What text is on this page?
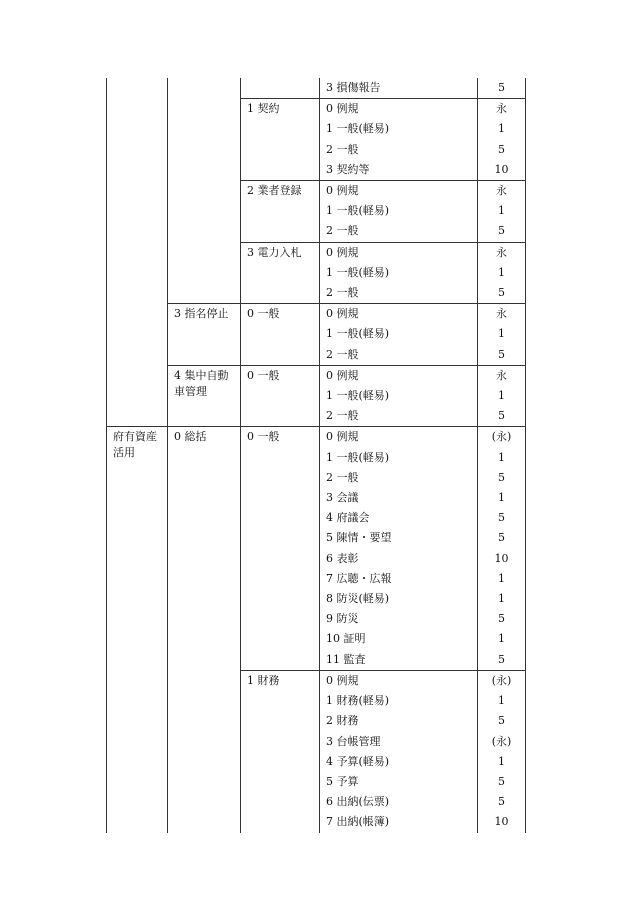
			3 損傷報告	5
		1 契約	0 例規	永
			1 一般(軽易)	1
			2 一般	5
			3 契約等	10
		2 業者登録	0 例規	永
			1 一般(軽易)	1
			2 一般	5
		3 電力入札	0 例規	永
			1 一般(軽易)	1
			2 一般	5
	3 指名停止	0 一般	0 例規	永
			1 一般(軽易)	1
			2 一般	5
	4 集中自動車管理	0 一般	0 例規	永
			1 一般(軽易)	1
			2 一般	5
府有資産活用	0 総括	0 一般	0 例規	(永)
			1 一般(軽易)	1
			2 一般	5
			3 会議	1
			4 府議会	5
			5 陳情・要望	5
			6 表彰	10
			7 広聴・広報	1
			8 防災(軽易)	1
			9 防災	5
			10 証明	1
			11 監査	5
		1 財務	0 例規	(永)
			1 財務(軽易)	1
			2 財務	5
			3 台帳管理	(永)
			4 予算(軽易)	1
			5 予算	5
			6 出納(伝票)	5
			7 出納(帳簿)	10
